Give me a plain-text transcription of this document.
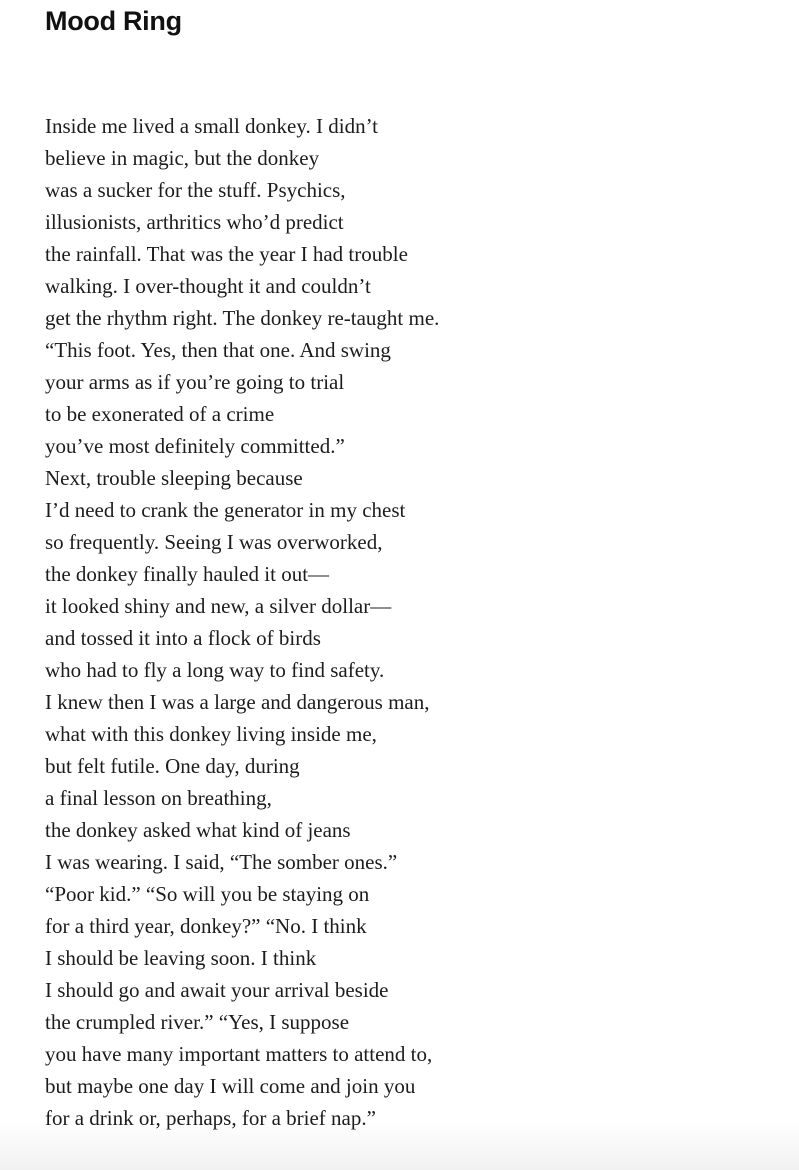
Mood Ring
Inside me lived a small donkey. I didn’t
believe in magic, but the donkey
was a sucker for the stuff. Psychics,
illusionists, arthritics who’d predict
the rainfall. That was the year I had trouble
walking. I over-thought it and couldn’t
get the rhythm right. The donkey re-taught me.
“This foot. Yes, then that one. And swing
your arms as if you’re going to trial
to be exonerated of a crime
you’ve most definitely committed.”
Next, trouble sleeping because
I’d need to crank the generator in my chest
so frequently. Seeing I was overworked,
the donkey finally hauled it out—
it looked shiny and new, a silver dollar—
and tossed it into a flock of birds
who had to fly a long way to find safety.
I knew then I was a large and dangerous man,
what with this donkey living inside me,
but felt futile. One day, during
a final lesson on breathing,
the donkey asked what kind of jeans
I was wearing. I said, “The somber ones.”
“Poor kid.” “So will you be staying on
for a third year, donkey?” “No. I think
I should be leaving soon. I think
I should go and await your arrival beside
the crumpled river.” “Yes, I suppose
you have many important matters to attend to,
but maybe one day I will come and join you
for a drink or, perhaps, for a brief nap.”
